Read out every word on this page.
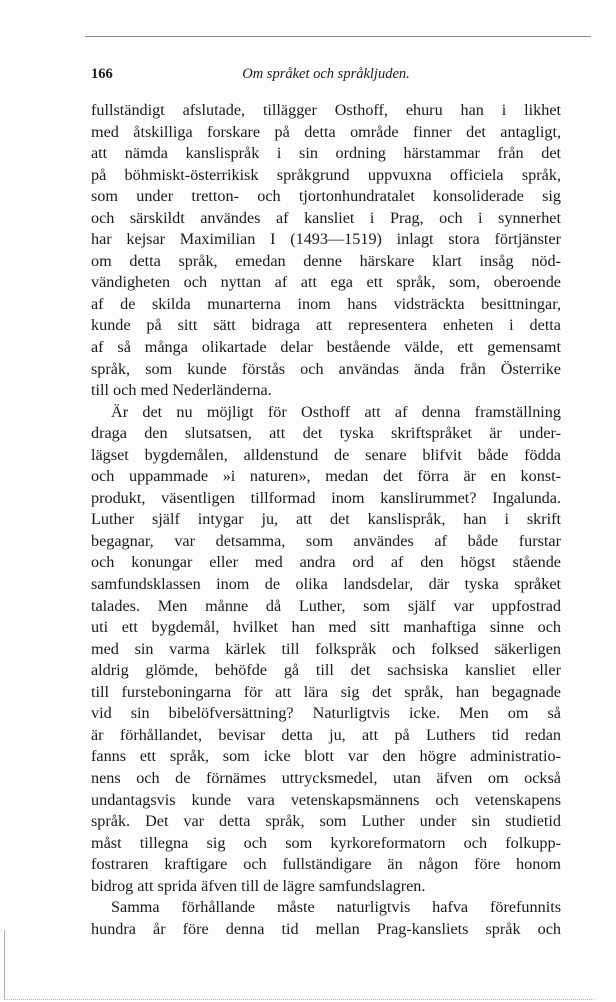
166	Om språket och språkljuden.
fullständigt afslutade, tillägger Osthoff, ehuru han i likhet
med åtskilliga forskare på detta område finner det antagligt,
att nämda kanslispråk i sin ordning härstammar från det
på böhmiskt-österrikisk språkgrund uppvuxna officiela språk,
som under tretton- och tjortonhundratalet konsoliderade sig
och särskildt användes af kansliet i Prag, och i synnerhet
har kejsar Maximilian I (1493—1519) inlagt stora förtjänster
om detta språk, emedan denne härskare klart insåg nöd-
vändigheten och nyttan af att ega ett språk, som, oberoende
af de skilda munarterna inom hans vidsträckta besittningar,
kunde på sitt sätt bidraga att representera enheten i detta
af så många olikartade delar bestående välde, ett gemensamt
språk, som kunde förstås och användas ända från Österrike
till och med Nederländerna.
Är det nu möjligt för Osthoff att af denna framställning
draga den slutsatsen, att det tyska skriftspråket är under-
lägset bygdemålen, alldenstund de senare blifvit både födda
och uppammade »i naturen», medan det förra är en konst-
produkt, väsentligen tillformad inom kanslirummet? Ingalunda.
Luther själf intygar ju, att det kanslispråk, han i skrift
begagnar, var detsamma, som användes af både furstar
och konungar eller med andra ord af den högst stående
samfundsklassen inom de olika landsdelar, där tyska språket
talades. Men månne då Luther, som själf var uppfostrad
uti ett bygdemål, hvilket han med sitt manhaftiga sinne och
med sin varma kärlek till folkspråk och folksed säkerligen
aldrig glömde, behöfde gå till det sachsiska kansliet eller
till fursteboningarna för att lära sig det språk, han begagnade
vid sin bibelöfversättning? Naturligtvis icke. Men om så
är förhållandet, bevisar detta ju, att på Luthers tid redan
fanns ett språk, som icke blott var den högre administratio-
nens och de förnämes uttrycksmedel, utan äfven om också
undantagsvis kunde vara vetenskapsmännens och vetenskapens
språk. Det var detta språk, som Luther under sin studietid
måst tillegna sig och som kyrkoreformatorn och folkupp-
fostraren kraftigare och fullständigare än någon före honom
bidrog att sprida äfven till de lägre samfundslagren.
Samma förhållande måste naturligtvis hafva förefunnits
hundra år före denna tid mellan Prag-kansliets språk och
